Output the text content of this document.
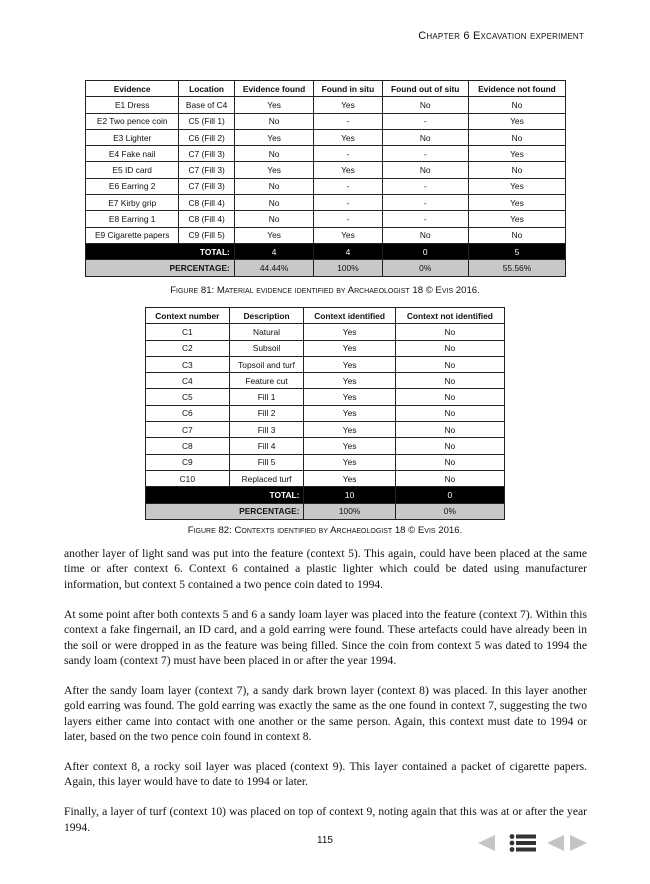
Chapter 6 Excavation experiment
Evidence	Location	Evidence found	Found in situ	Found out of situ	Evidence not found
E1 Dress	Base of C4	Yes	Yes	No	No
E2 Two pence coin	C5 (Fill 1)	No	-	-	Yes
E3 Lighter	C6 (Fill 2)	Yes	Yes	No	No
E4 Fake nail	C7 (Fill 3)	No	-	-	Yes
E5 ID card	C7 (Fill 3)	Yes	Yes	No	No
E6 Earring 2	C7 (Fill 3)	No	-	-	Yes
E7 Kirby grip	C8 (Fill 4)	No	-	-	Yes
E8 Earring 1	C8 (Fill 4)	No	-	-	Yes
E9 Cigarette papers	C9 (Fill 5)	Yes	Yes	No	No
TOTAL:		4	4	0	5
PERCENTAGE:		44.44%	100%	0%	55.56%
Figure 81: Material evidence identified by Archaeologist 18 © Evis 2016.
Context number	Description	Context identified	Context not identified
C1	Natural	Yes	No
C2	Subsoil	Yes	No
C3	Topsoil and turf	Yes	No
C4	Feature cut	Yes	No
C5	Fill 1	Yes	No
C6	Fill 2	Yes	No
C7	Fill 3	Yes	No
C8	Fill 4	Yes	No
C9	Fill 5	Yes	No
C10	Replaced turf	Yes	No
TOTAL:		10	0
PERCENTAGE:		100%	0%
Figure 82: Contexts identified by Archaeologist 18 © Evis 2016.

another layer of light sand was put into the feature (context 5). This again, could have been placed at the same time or after context 6. Context 6 contained a plastic lighter which could be dated using manufacturer information, but context 5 contained a two pence coin dated to 1994.

At some point after both contexts 5 and 6 a sandy loam layer was placed into the feature (context 7). Within this context a fake fingernail, an ID card, and a gold earring were found. These artefacts could have already been in the soil or were dropped in as the feature was being filled. Since the coin from context 5 was dated to 1994 the sandy loam (context 7) must have been placed in or after the year 1994.

After the sandy loam layer (context 7), a sandy dark brown layer (context 8) was placed. In this layer another gold earring was found. The gold earring was exactly the same as the one found in context 7, suggesting the two layers either came into contact with one another or the same person. Again, this context must date to 1994 or later, based on the two pence coin found in context 8.

After context 8, a rocky soil layer was placed (context 9). This layer contained a packet of cigarette papers. Again, this layer would have to date to 1994 or later.

Finally, a layer of turf (context 10) was placed on top of context 9, noting again that this was at or after the year 1994.

115
